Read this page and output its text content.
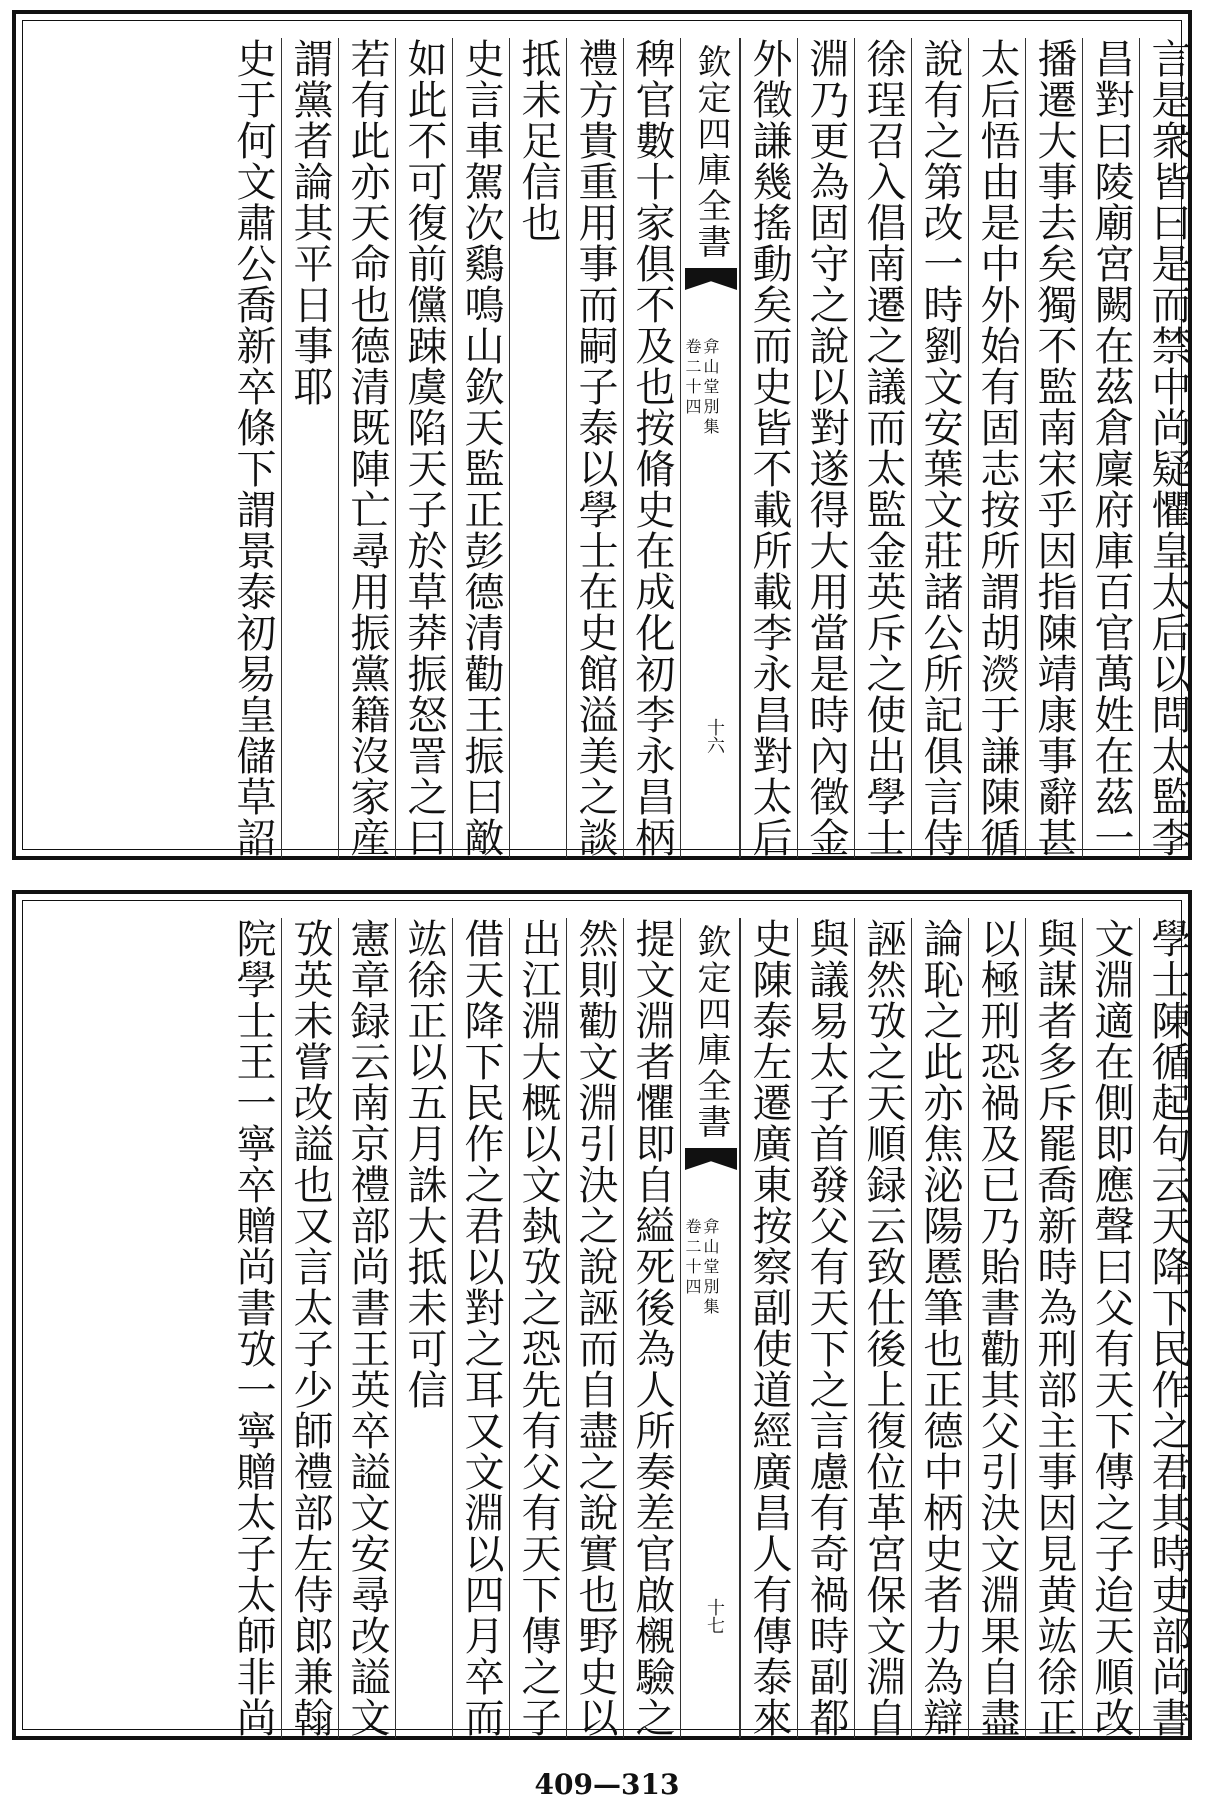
言是衆皆曰是而禁中尚疑懼皇太后以問太監李
昌對曰陵廟宮闕在茲倉廩府庫百官萬姓在茲一
播遷大事去矣獨不監南宋乎因指陳靖康事辭甚
太后悟由是中外始有固志按所謂胡濙于謙陳循
說有之第改一時劉文安葉文莊諸公所記俱言侍
徐珵召入倡南遷之議而太監金英斥之使出學士
淵乃更為固守之說以對遂得大用當是時內徵金
外徵謙幾搖動矣而史皆不載所載李永昌對太后
欽定四庫全書
弇山堂別集
卷二十四
十六
稗官數十家俱不及也按脩史在成化初李永昌柄
禮方貴重用事而嗣子泰以學士在史館溢美之談
抵未足信也
史言車駕次鷄鳴山欽天監正彭德清勸王振曰敵
如此不可復前儻踈虞陷天子於草莽振怒詈之曰
若有此亦天命也德清既陣亡尋用振黨籍沒家産
謂黨者論其平日事耶
史于何文肅公喬新卒條下謂景泰初易皇儲草詔
學士陳循起句云天降下民作之君其時吏部尚書
文淵適在側即應聲曰父有天下傳之子迨天順改
與謀者多斥罷喬新時為刑部主事因見黄竑徐正
以極刑恐禍及已乃貽書勸其父引決文淵果自盡
論恥之此亦焦泌陽慝筆也正德中柄史者力為辯
誣然攷之天順録云致仕後上復位革宮保文淵自
與議易太子首發父有天下之言慮有奇禍時副都
史陳泰左遷廣東按察副使道經廣昌人有傳泰來
欽定四庫全書
弇山堂別集
卷二十四
十七
提文淵者懼即自縊死後為人所奏差官啟櫬驗之
然則勸文淵引決之說誣而自盡之說實也野史以
出江淵大概以文埶攷之恐先有父有天下傳之子
借天降下民作之君以對之耳又文淵以四月卒而
竑徐正以五月誅大抵未可信
憲章録云南京禮部尚書王英卒謚文安尋改謚文
攷英未嘗改謚也又言太子少師禮部左侍郎兼翰
院學士王一寧卒贈尚書攷一寧贈太子太師非尚
409—313
